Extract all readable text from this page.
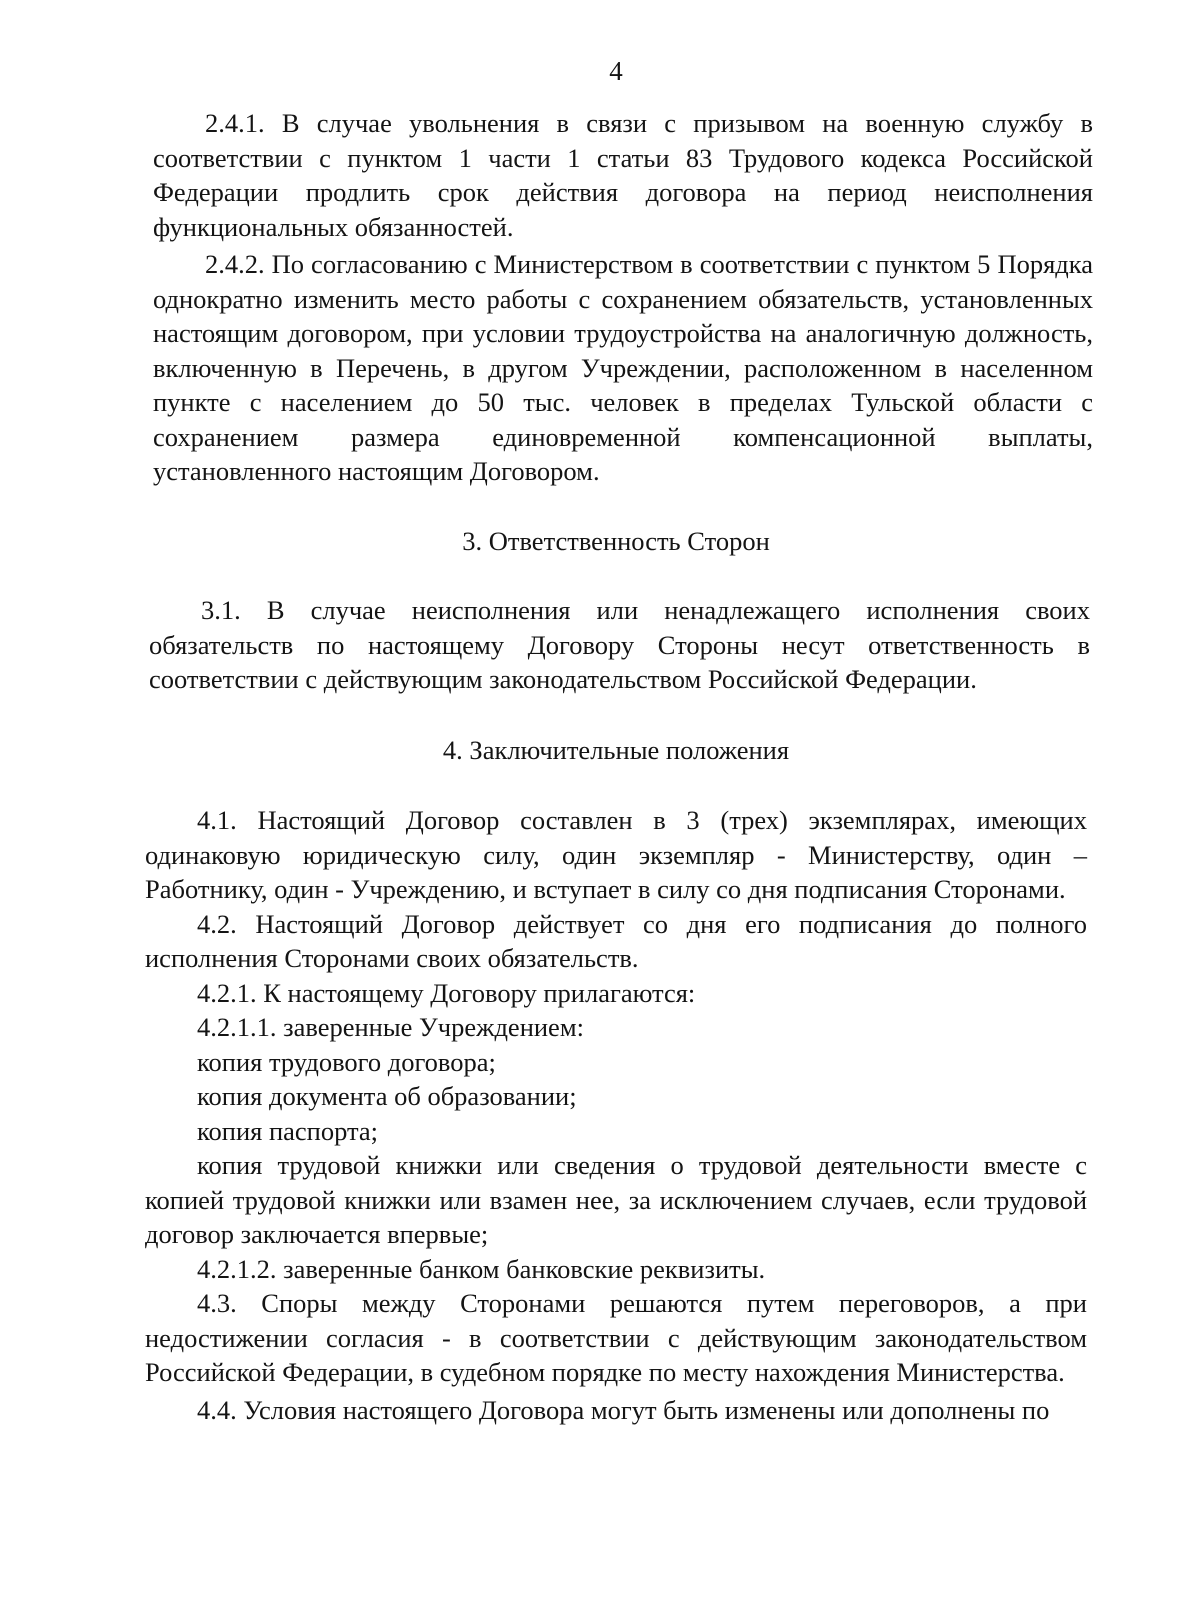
4

2.4.1. В случае увольнения в связи с призывом на военную службу в соответствии с пунктом 1 части 1 статьи 83 Трудового кодекса Российской Федерации продлить срок действия договора на период неисполнения функциональных обязанностей.

2.4.2. По согласованию с Министерством в соответствии с пунктом 5 Порядка однократно изменить место работы с сохранением обязательств, установленных настоящим договором, при условии трудоустройства на аналогичную должность, включенную в Перечень, в другом Учреждении, расположенном в населенном пункте с населением до 50 тыс. человек в пределах Тульской области с сохранением размера единовременной компенсационной выплаты, установленного настоящим Договором.

3. Ответственность Сторон

3.1. В случае неисполнения или ненадлежащего исполнения своих обязательств по настоящему Договору Стороны несут ответственность в соответствии с действующим законодательством Российской Федерации.

4. Заключительные положения

4.1. Настоящий Договор составлен в 3 (трех) экземплярах, имеющих одинаковую юридическую силу, один экземпляр - Министерству, один – Работнику, один - Учреждению, и вступает в силу со дня подписания Сторонами.

4.2. Настоящий Договор действует со дня его подписания до полного исполнения Сторонами своих обязательств.

4.2.1. К настоящему Договору прилагаются:

4.2.1.1. заверенные Учреждением:

копия трудового договора;

копия документа об образовании;

копия паспорта;

копия трудовой книжки или сведения о трудовой деятельности вместе с копией трудовой книжки или взамен нее, за исключением случаев, если трудовой договор заключается впервые;

4.2.1.2. заверенные банком банковские реквизиты.

4.3. Споры между Сторонами решаются путем переговоров, а при недостижении согласия - в соответствии с действующим законодательством Российской Федерации, в судебном порядке по месту нахождения Министерства.

4.4. Условия настоящего Договора могут быть изменены или дополнены по
